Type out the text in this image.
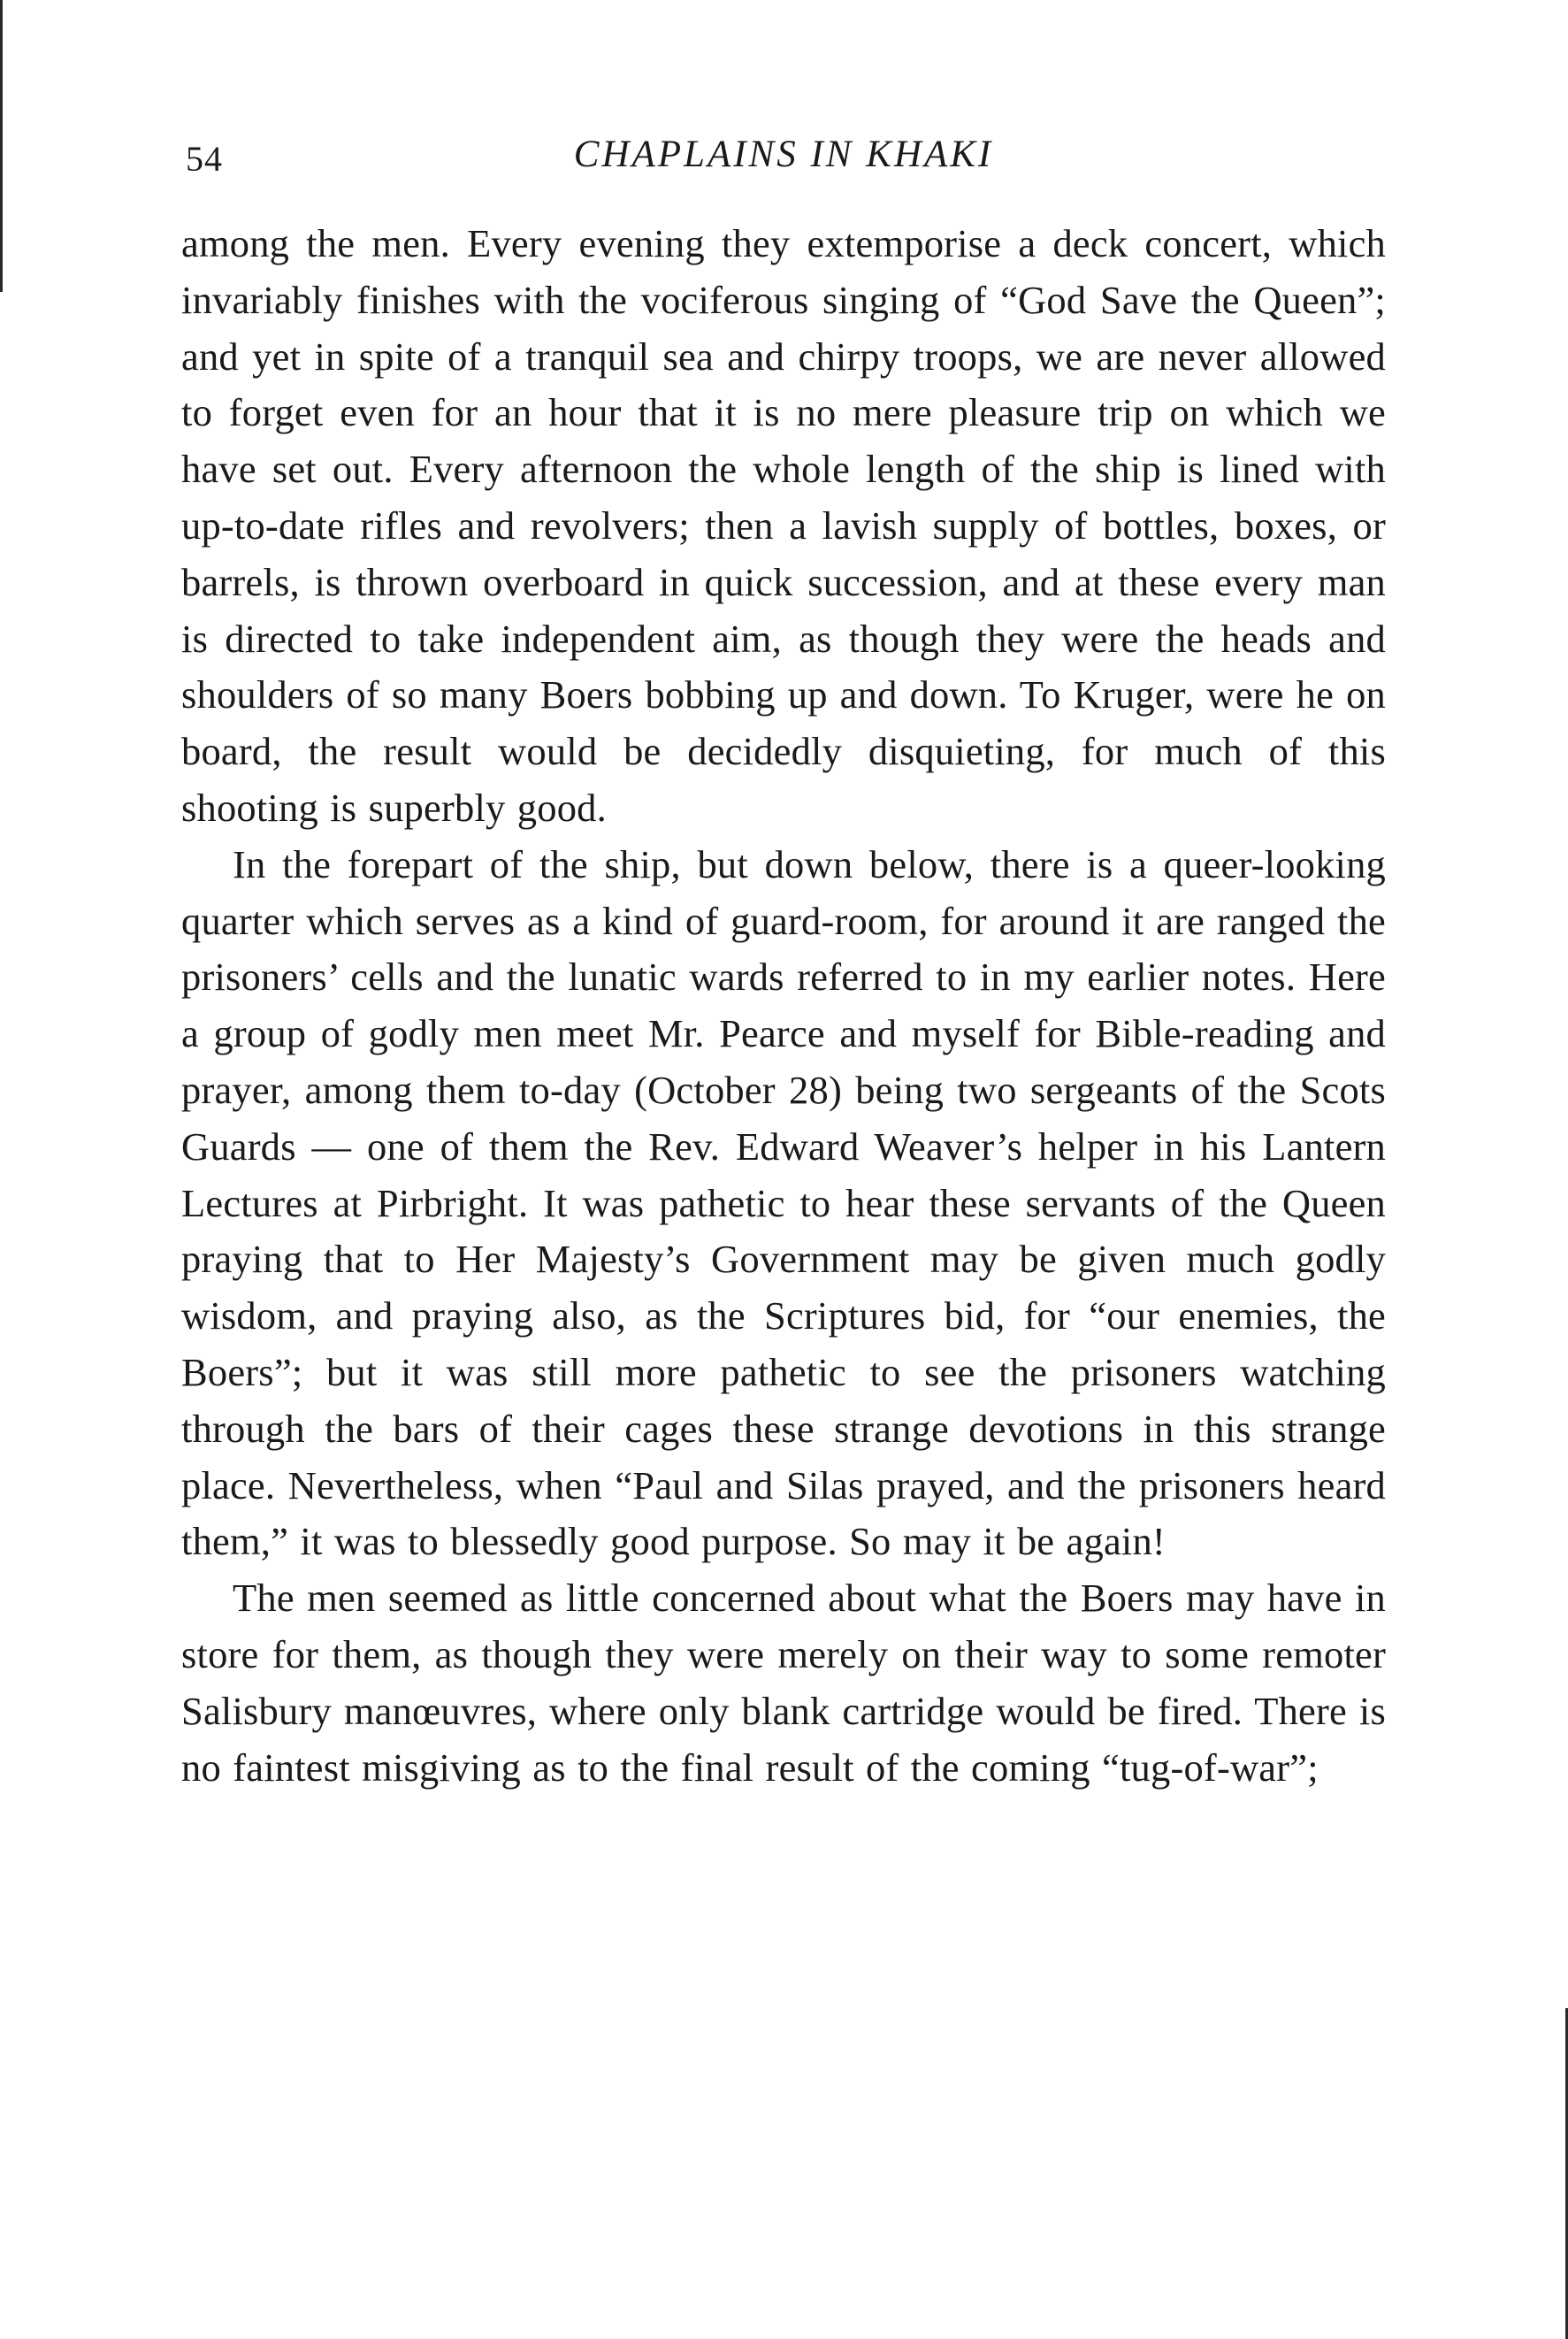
54	CHAPLAINS IN KHAKI

among the men. Every evening they extemporise a deck concert, which invariably finishes with the vociferous singing of “God Save the Queen”; and yet in spite of a tranquil sea and chirpy troops, we are never allowed to forget even for an hour that it is no mere pleasure trip on which we have set out. Every afternoon the whole length of the ship is lined with up-to-date rifles and revolvers; then a lavish supply of bottles, boxes, or barrels, is thrown overboard in quick succession, and at these every man is directed to take independent aim, as though they were the heads and shoulders of so many Boers bobbing up and down. To Kruger, were he on board, the result would be decidedly disquieting, for much of this shooting is superbly good.

In the forepart of the ship, but down below, there is a queer-looking quarter which serves as a kind of guard-room, for around it are ranged the prisoners’ cells and the lunatic wards referred to in my earlier notes. Here a group of godly men meet Mr. Pearce and myself for Bible-reading and prayer, among them to-day (October 28) being two sergeants of the Scots Guards — one of them the Rev. Edward Weaver’s helper in his Lantern Lectures at Pirbright. It was pathetic to hear these servants of the Queen praying that to Her Majesty’s Government may be given much godly wisdom, and praying also, as the Scriptures bid, for “our enemies, the Boers”; but it was still more pathetic to see the prisoners watching through the bars of their cages these strange devotions in this strange place. Nevertheless, when “Paul and Silas prayed, and the prisoners heard them,” it was to blessedly good purpose. So may it be again!

The men seemed as little concerned about what the Boers may have in store for them, as though they were merely on their way to some remoter Salisbury manœuvres, where only blank cartridge would be fired. There is no faintest misgiving as to the final result of the coming “tug-of-war”;
